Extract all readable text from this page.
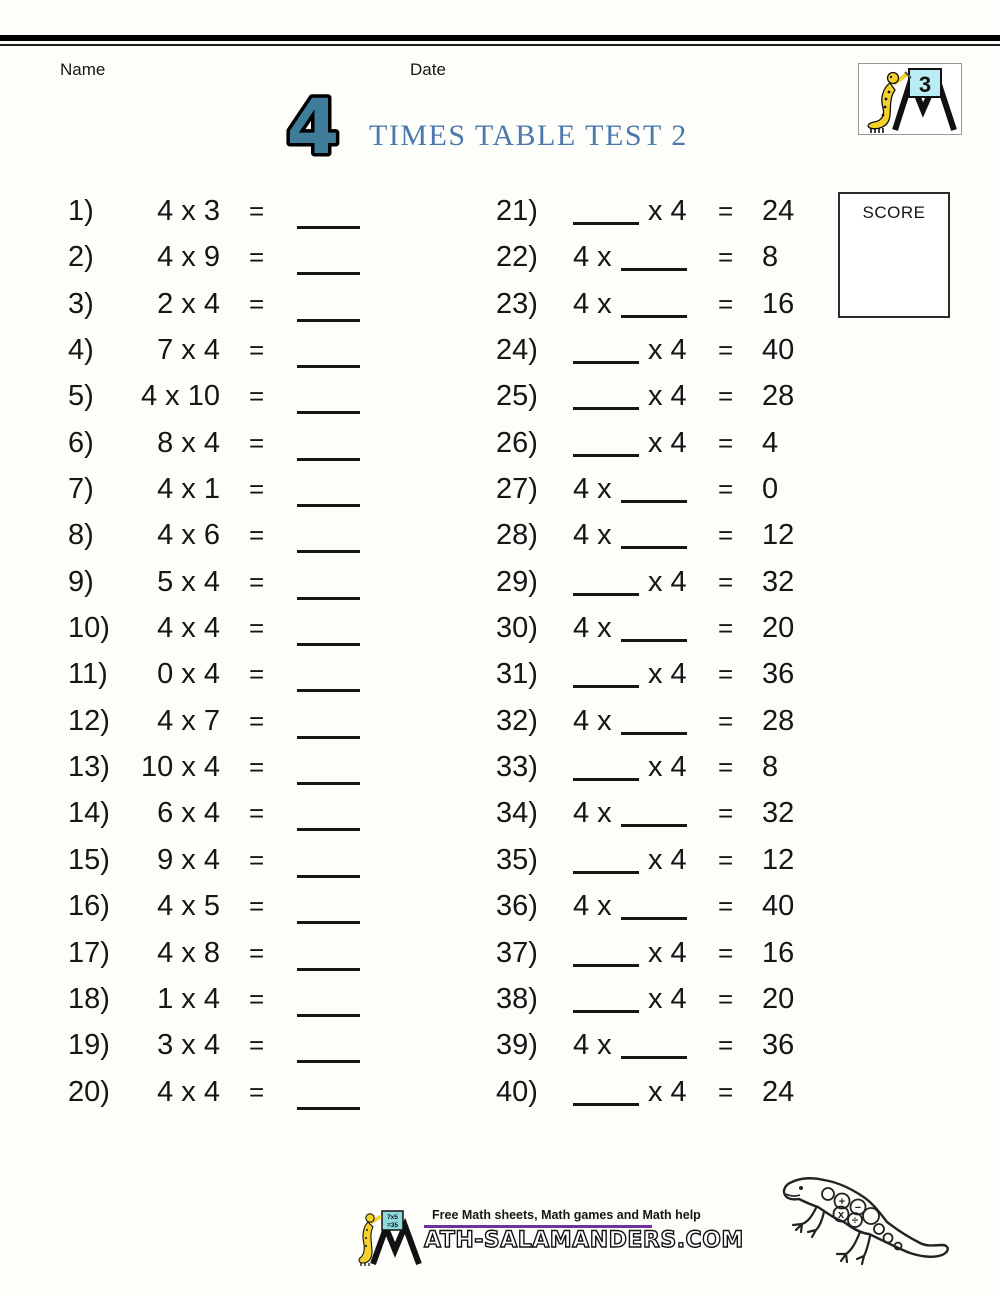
Name	Date
3
4 TIMES TABLE TEST 2
SCORE
1)	4 x 3 =
2)	4 x 9 =
3)	2 x 4 =
4)	7 x 4 =
5)	4 x 10 =
6)	8 x 4 =
7)	4 x 1 =
8)	4 x 6 =
9)	5 x 4 =
10)	4 x 4 =
11)	0 x 4 =
12)	4 x 7 =
13)	10 x 4 =
14)	6 x 4 =
15)	9 x 4 =
16)	4 x 5 =
17)	4 x 8 =
18)	1 x 4 =
19)	3 x 4 =
20)	4 x 4 =
21)	x 4 = 24
22) 4 x	= 8
23) 4 x	= 16
24)	x 4 = 40
25)	x 4 = 28
26)	x 4 = 4
27) 4 x	= 0
28) 4 x	= 12
29)	x 4 = 32
30) 4 x	= 20
31)	x 4 = 36
32) 4 x	= 28
33)	x 4 = 8
34) 4 x	= 32
35)	x 4 = 12
36) 4 x	= 40
37)	x 4 = 16
38)	x 4 = 20
39) 4 x	= 36
40)	x 4 = 24
7x5
=35
Free Math sheets, Math games and Math help
ATH-SALAMANDERS.COM
+ −
x ÷
